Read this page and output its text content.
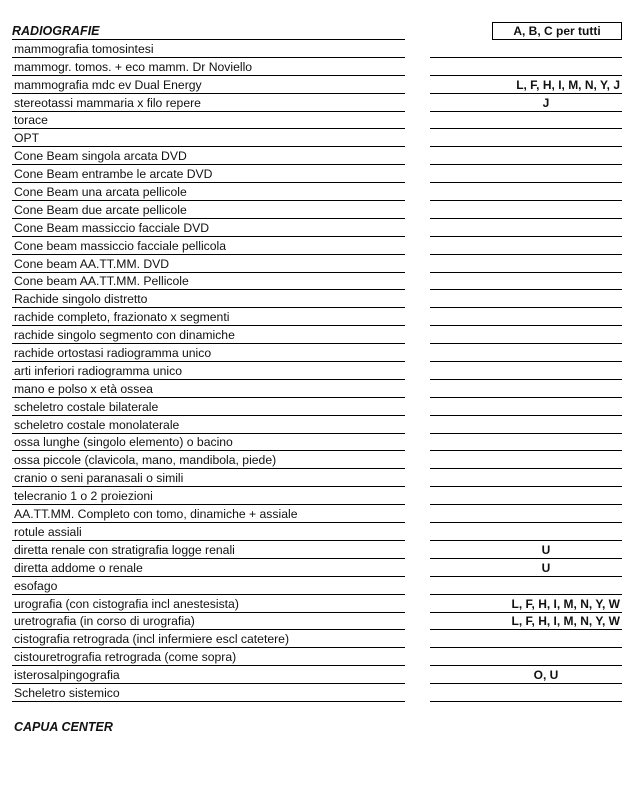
RADIOGRAFIE	A, B, C per tutti
mammografia tomosintesi
mammogr. tomos. + eco mamm. Dr Noviello
mammografia mdc ev Dual Energy	L, F, H, I, M, N, Y, J
stereotassi mammaria x filo repere	J
torace
OPT
Cone Beam singola arcata DVD
Cone Beam entrambe le arcate DVD
Cone Beam una arcata pellicole
Cone Beam due arcate pellicole
Cone Beam massiccio facciale DVD
Cone beam massiccio facciale pellicola
Cone beam AA.TT.MM. DVD
Cone beam AA.TT.MM. Pellicole
Rachide singolo distretto
rachide completo, frazionato x segmenti
rachide singolo segmento con dinamiche
rachide ortostasi radiogramma unico
arti inferiori radiogramma unico
mano e polso x età ossea
scheletro costale bilaterale
scheletro costale monolaterale
ossa lunghe (singolo elemento) o bacino
ossa piccole (clavicola, mano, mandibola, piede)
cranio o seni paranasali o simili
telecranio 1 o 2 proiezioni
AA.TT.MM. Completo con tomo, dinamiche + assiale
rotule assiali
diretta renale con stratigrafia logge renali	U
diretta addome o renale	U
esofago
urografia (con cistografia incl anestesista)	L, F, H, I, M, N, Y, W
uretrografia (in corso di urografia)	L, F, H, I, M, N, Y, W
cistografia retrograda (incl infermiere escl catetere)
cistouretrografia retrograda (come sopra)
isterosalpingografia	O, U
Scheletro sistemico
CAPUA CENTER
